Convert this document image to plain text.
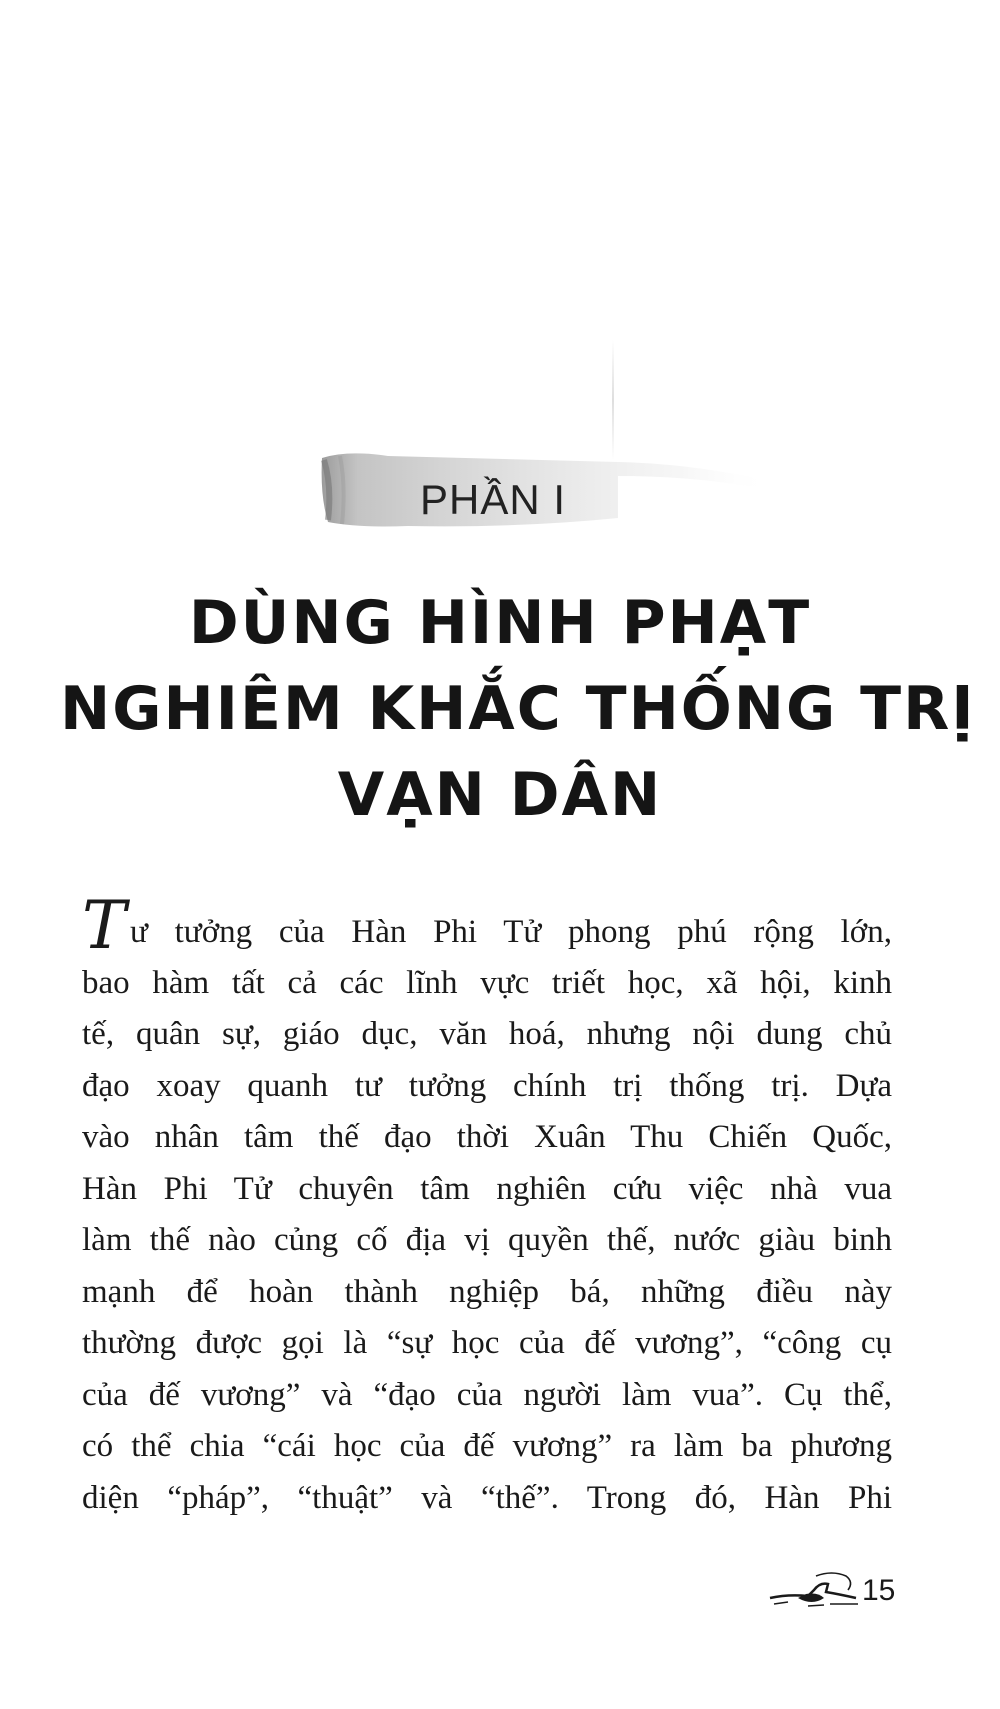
PHẦN I
DÙNG HÌNH PHẠT
NGHIÊM KHẮC THỐNG TRỊ
VẠN DÂN
Tư tưởng của Hàn Phi Tử phong phú rộng lớn,
bao hàm tất cả các lĩnh vực triết học, xã hội, kinh
tế, quân sự, giáo dục, văn hoá, nhưng nội dung chủ
đạo xoay quanh tư tưởng chính trị thống trị. Dựa
vào nhân tâm thế đạo thời Xuân Thu Chiến Quốc,
Hàn Phi Tử chuyên tâm nghiên cứu việc nhà vua
làm thế nào củng cố địa vị quyền thế, nước giàu binh
mạnh để hoàn thành nghiệp bá, những điều này
thường được gọi là “sự học của đế vương”, “công cụ
của đế vương” và “đạo của người làm vua”. Cụ thể,
có thể chia “cái học của đế vương” ra làm ba phương
diện “pháp”, “thuật” và “thế”. Trong đó, Hàn Phi
15
